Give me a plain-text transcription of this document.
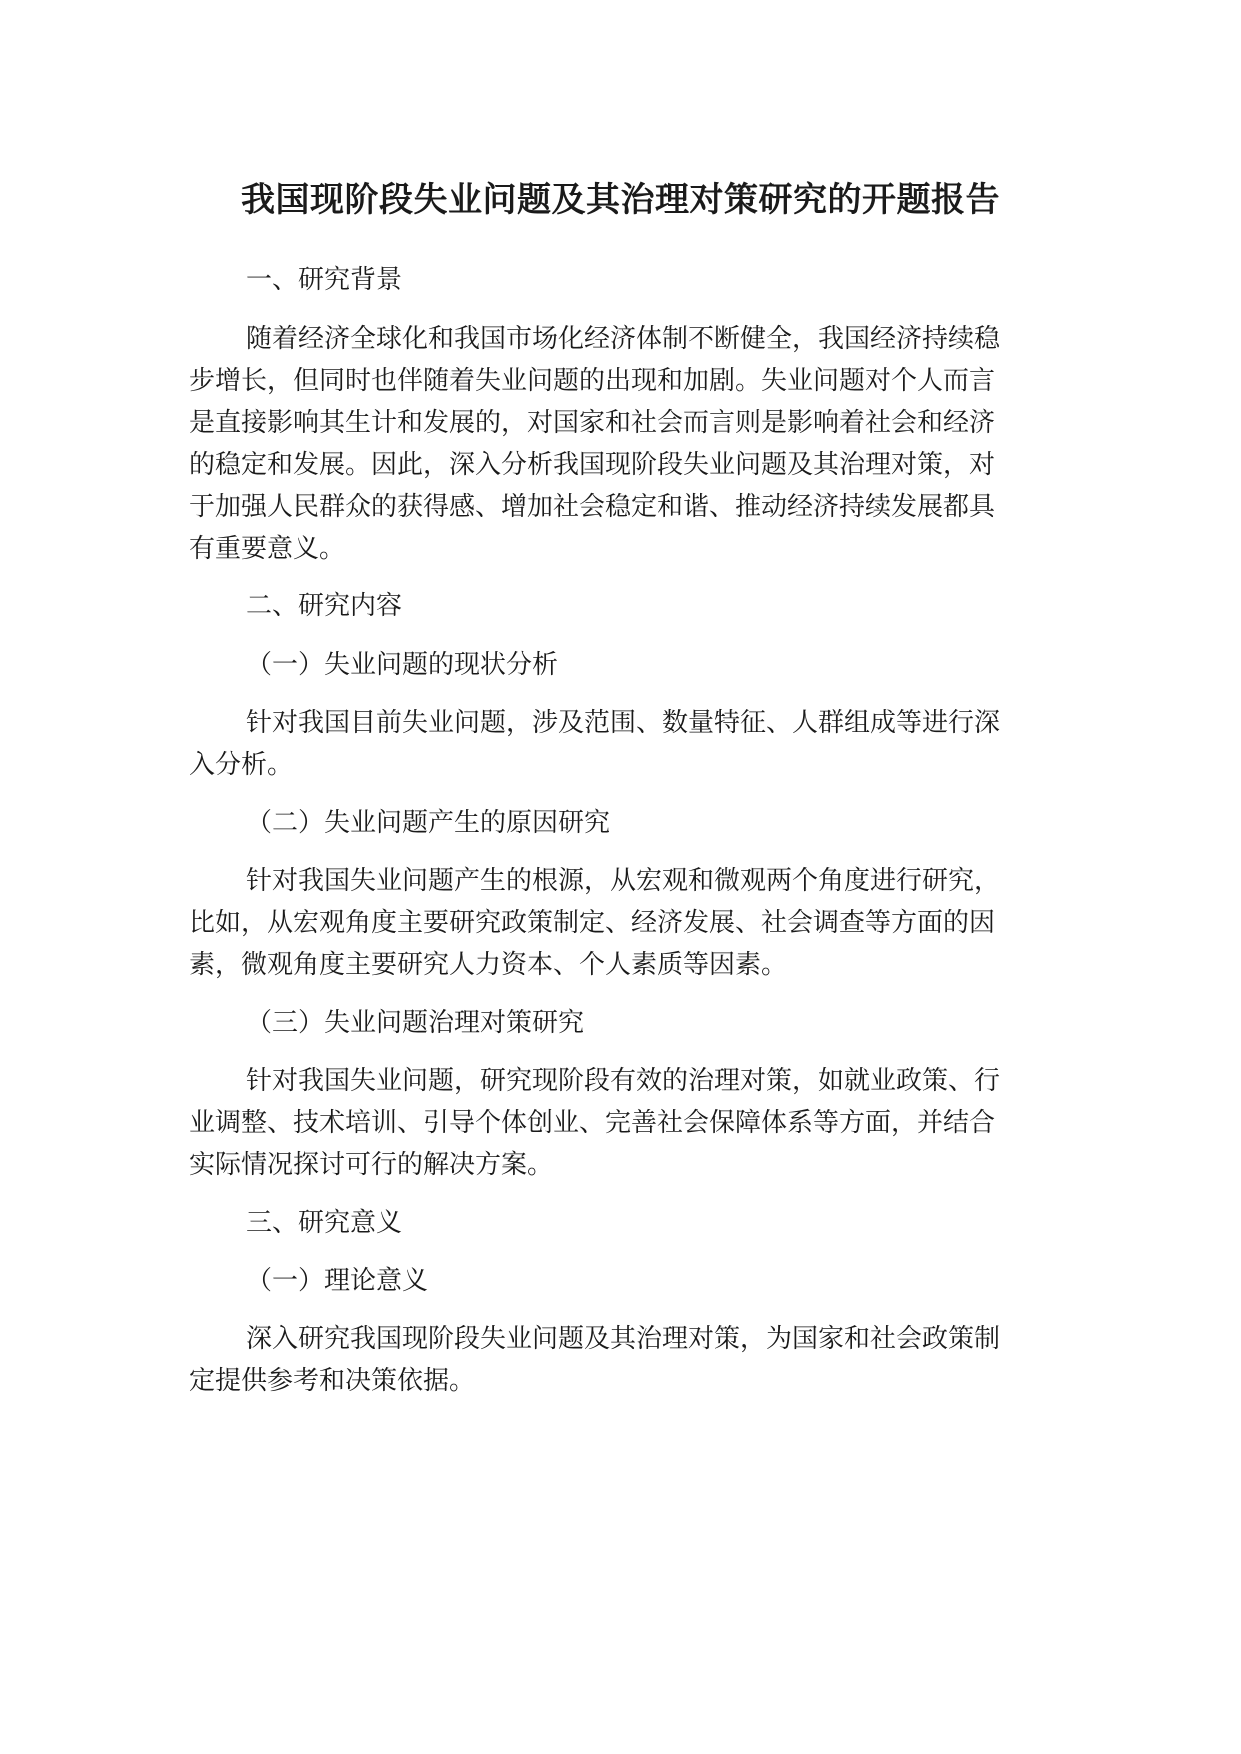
我国现阶段失业问题及其治理对策研究的开题报告

一、研究背景

随着经济全球化和我国市场化经济体制不断健全，我国经济持续稳

步增长，但同时也伴随着失业问题的出现和加剧。失业问题对个人而言

是直接影响其生计和发展的，对国家和社会而言则是影响着社会和经济

的稳定和发展。因此，深入分析我国现阶段失业问题及其治理对策，对

于加强人民群众的获得感、增加社会稳定和谐、推动经济持续发展都具

有重要意义。

二、研究内容

（一）失业问题的现状分析

针对我国目前失业问题，涉及范围、数量特征、人群组成等进行深

入分析。

（二）失业问题产生的原因研究

针对我国失业问题产生的根源，从宏观和微观两个角度进行研究，

比如，从宏观角度主要研究政策制定、经济发展、社会调查等方面的因

素，微观角度主要研究人力资本、个人素质等因素。

（三）失业问题治理对策研究

针对我国失业问题，研究现阶段有效的治理对策，如就业政策、行

业调整、技术培训、引导个体创业、完善社会保障体系等方面，并结合

实际情况探讨可行的解决方案。

三、研究意义

（一）理论意义

深入研究我国现阶段失业问题及其治理对策，为国家和社会政策制

定提供参考和决策依据。
